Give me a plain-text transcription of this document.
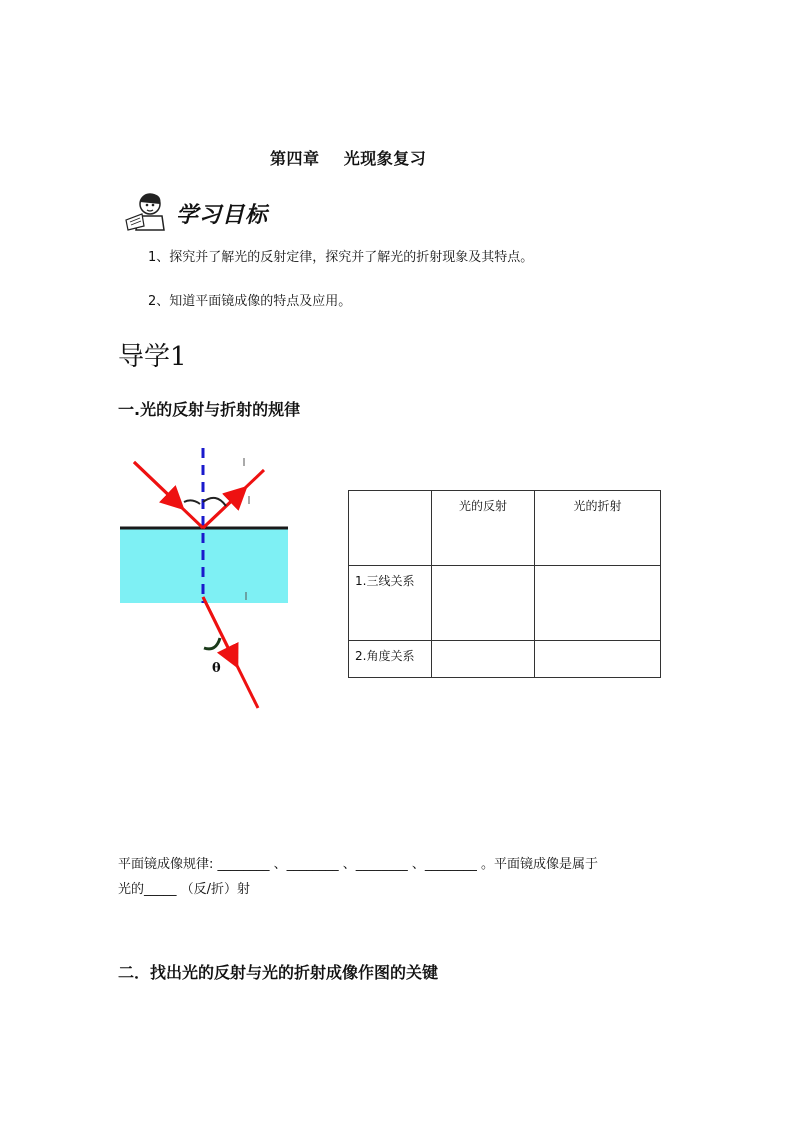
第四章    光现象复习
学习目标
1、探究并了解光的反射定律，探究并了解光的折射现象及其特点。
2、知道平面镜成像的特点及应用。
导学1
一.光的反射与折射的规律
θ
	光的反射	光的折射
1.三线关系		
2.角度关系		
平面镜成像规律: ________ 、________ 、________ 、________ 。平面镜成像是属于
光的_____ （反/折）射
二．找出光的反射与光的折射成像作图的关键
